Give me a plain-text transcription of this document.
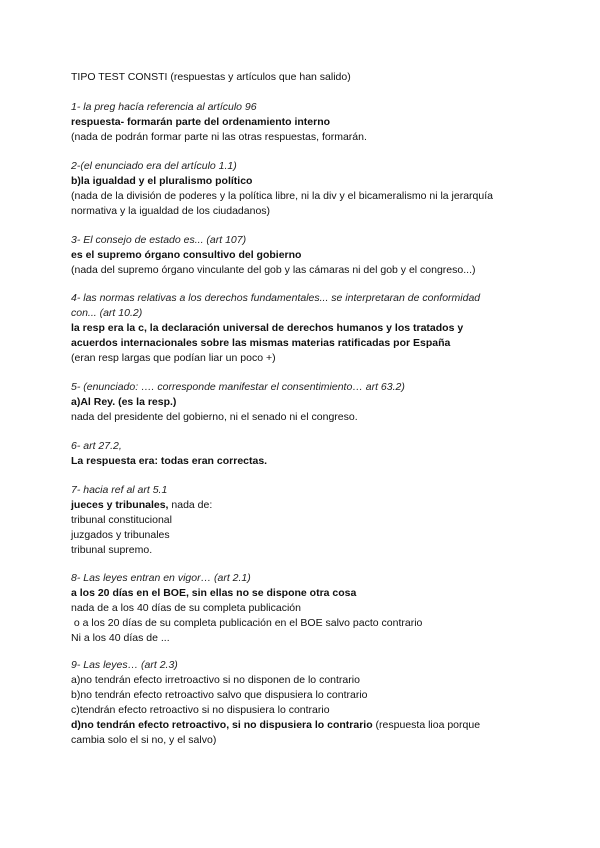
TIPO TEST CONSTI (respuestas y artículos que han salido)
1- la preg hacía referencia al artículo 96
respuesta- formarán parte del ordenamiento interno
(nada de podrán formar parte ni las otras respuestas, formarán.
2-(el enunciado era del artículo 1.1)
b)la igualdad y el pluralismo político
(nada de la división de poderes y la política libre, ni la div y el bicameralismo ni la jerarquía
normativa y la igualdad de los ciudadanos)
3- El consejo de estado es... (art 107)
es el supremo órgano consultivo del gobierno
(nada del supremo órgano vinculante del gob y las cámaras ni del gob y el congreso...)
4- las normas relativas a los derechos fundamentales... se interpretaran de conformidad
con... (art 10.2)
la resp era la c, la declaración universal de derechos humanos y los tratados y
acuerdos internacionales sobre las mismas materias ratificadas por España
(eran resp largas que podían liar un poco +)
5- (enunciado: …. corresponde manifestar el consentimiento… art 63.2)
a)Al Rey. (es la resp.)
nada del presidente del gobierno, ni el senado ni el congreso.
6- art 27.2,
La respuesta era: todas eran correctas.
7- hacia ref al art 5.1
jueces y tribunales, nada de:
tribunal constitucional
juzgados y tribunales
tribunal supremo.
8- Las leyes entran en vigor… (art 2.1)
a los 20 días en el BOE, sin ellas no se dispone otra cosa
nada de a los 40 días de su completa publicación
o a los 20 días de su completa publicación en el BOE salvo pacto contrario
Ni a los 40 días de ...
9- Las leyes… (art 2.3)
a)no tendrán efecto irretroactivo si no disponen de lo contrario
b)no tendrán efecto retroactivo salvo que dispusiera lo contrario
c)tendrán efecto retroactivo si no dispusiera lo contrario
d)no tendrán efecto retroactivo, si no dispusiera lo contrario (respuesta lioa porque
cambia solo el si no, y el salvo)
